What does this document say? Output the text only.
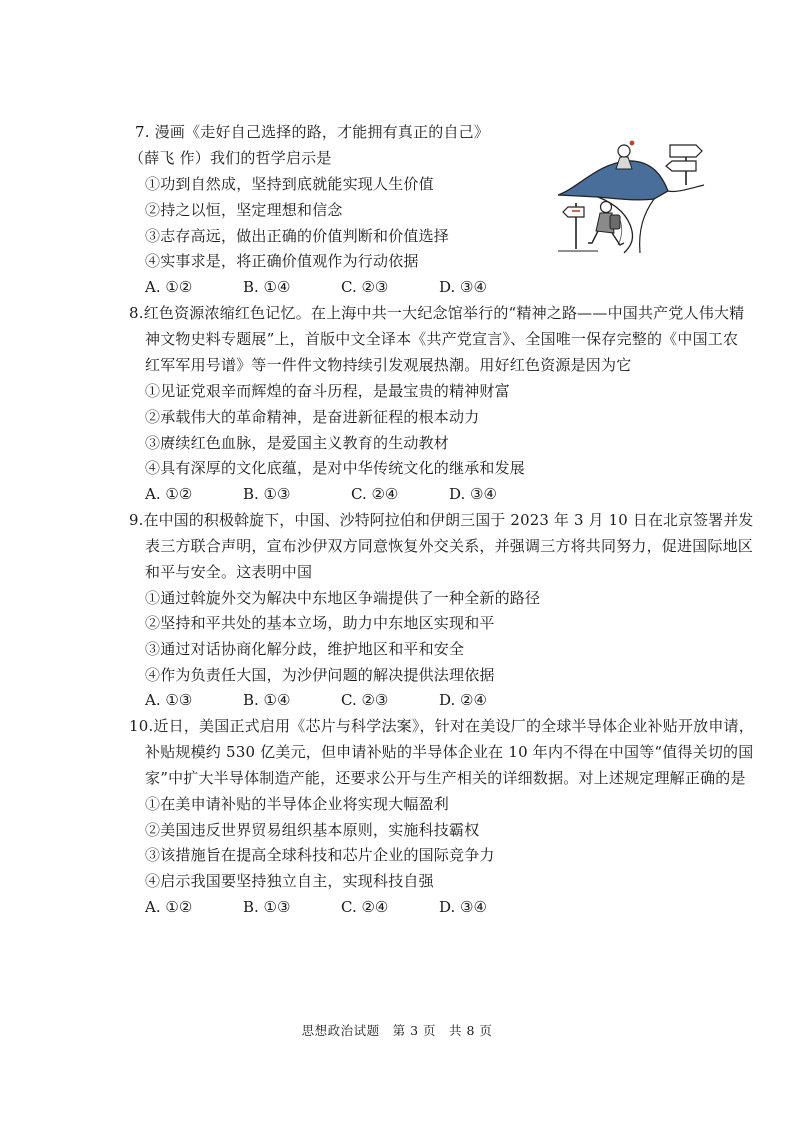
7. 漫画《走好自己选择的路，才能拥有真正的自己》
（薛飞 作）我们的哲学启示是
①功到自然成，坚持到底就能实现人生价值
②持之以恒，坚定理想和信念
③志存高远，做出正确的价值判断和价值选择
④实事求是，将正确价值观作为行动依据
A. ①②	B. ①④	C. ②③	D. ③④
8.红色资源浓缩红色记忆。在上海中共一大纪念馆举行的“精神之路——中国共产党人伟大精
神文物史料专题展”上，首版中文全译本《共产党宣言》、全国唯一保存完整的《中国工农
红军军用号谱》等一件件文物持续引发观展热潮。用好红色资源是因为它
①见证党艰辛而辉煌的奋斗历程，是最宝贵的精神财富
②承载伟大的革命精神，是奋进新征程的根本动力
③赓续红色血脉，是爱国主义教育的生动教材
④具有深厚的文化底蕴，是对中华传统文化的继承和发展
A. ①②	B. ①③	C. ②④	D. ③④
9.在中国的积极斡旋下，中国、沙特阿拉伯和伊朗三国于 2023 年 3 月 10 日在北京签署并发
表三方联合声明，宣布沙伊双方同意恢复外交关系，并强调三方将共同努力，促进国际地区
和平与安全。这表明中国
①通过斡旋外交为解决中东地区争端提供了一种全新的路径
②坚持和平共处的基本立场，助力中东地区实现和平
③通过对话协商化解分歧，维护地区和平和安全
④作为负责任大国，为沙伊问题的解决提供法理依据
A. ①③	B. ①④	C. ②③	D. ②④
10.近日，美国正式启用《芯片与科学法案》，针对在美设厂的全球半导体企业补贴开放申请，
补贴规模约 530 亿美元，但申请补贴的半导体企业在 10 年内不得在中国等“值得关切的国
家”中扩大半导体制造产能，还要求公开与生产相关的详细数据。对上述规定理解正确的是
①在美申请补贴的半导体企业将实现大幅盈利
②美国违反世界贸易组织基本原则，实施科技霸权
③该措施旨在提高全球科技和芯片企业的国际竞争力
④启示我国要坚持独立自主，实现科技自强
A. ①②	B. ①③	C. ②④	D. ③④
思想政治试题　第 3 页　共 8 页
